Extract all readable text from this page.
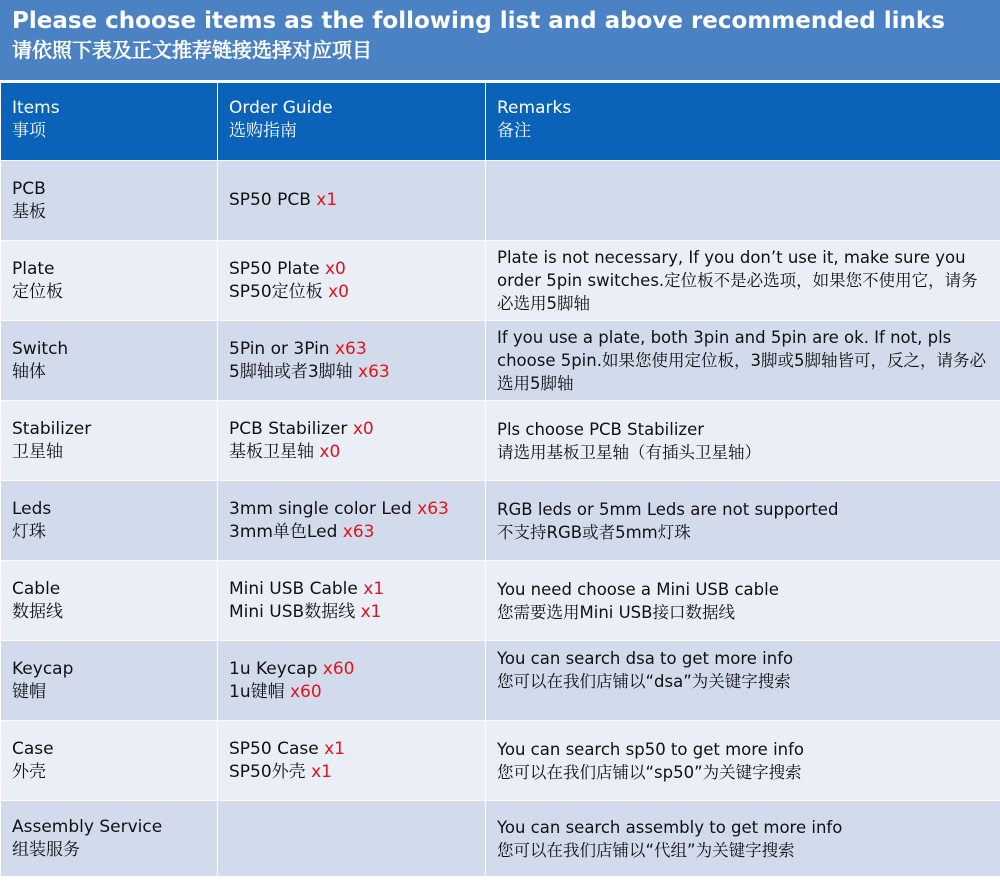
Please choose items as the following list and above recommended links
请依照下表及正文推荐链接选择对应项目
Items
事项	Order Guide
选购指南	Remarks
备注

PCB
基板	SP50 PCB x1	

Plate
定位板	SP50 Plate x0
SP50定位板 x0	Plate is not necessary, If you don’t use it, make sure you order 5pin switches.定位板不是必选项，如果您不使用它，请务必选用5脚轴

Switch
轴体	5Pin or 3Pin x63
5脚轴或者3脚轴 x63	If you use a plate, both 3pin and 5pin are ok. If not, pls choose 5pin.如果您使用定位板，3脚或5脚轴皆可，反之，请务必选用5脚轴

Stabilizer
卫星轴	PCB Stabilizer x0
基板卫星轴 x0	Pls choose PCB Stabilizer
请选用基板卫星轴（有插头卫星轴）

Leds
灯珠	3mm single color Led x63
3mm单色Led x63	RGB leds or 5mm Leds are not supported
不支持RGB或者5mm灯珠

Cable
数据线	Mini USB Cable x1
Mini USB数据线 x1	You need choose a Mini USB cable
您需要选用Mini USB接口数据线

Keycap
键帽	1u Keycap x60
1u键帽 x60	You can search dsa to get more info
您可以在我们店铺以“dsa”为关键字搜索

Case
外壳	SP50 Case x1
SP50外壳 x1	You can search sp50 to get more info
您可以在我们店铺以“sp50”为关键字搜索

Assembly Service
组装服务		You can search assembly to get more info
您可以在我们店铺以“代组”为关键字搜索
